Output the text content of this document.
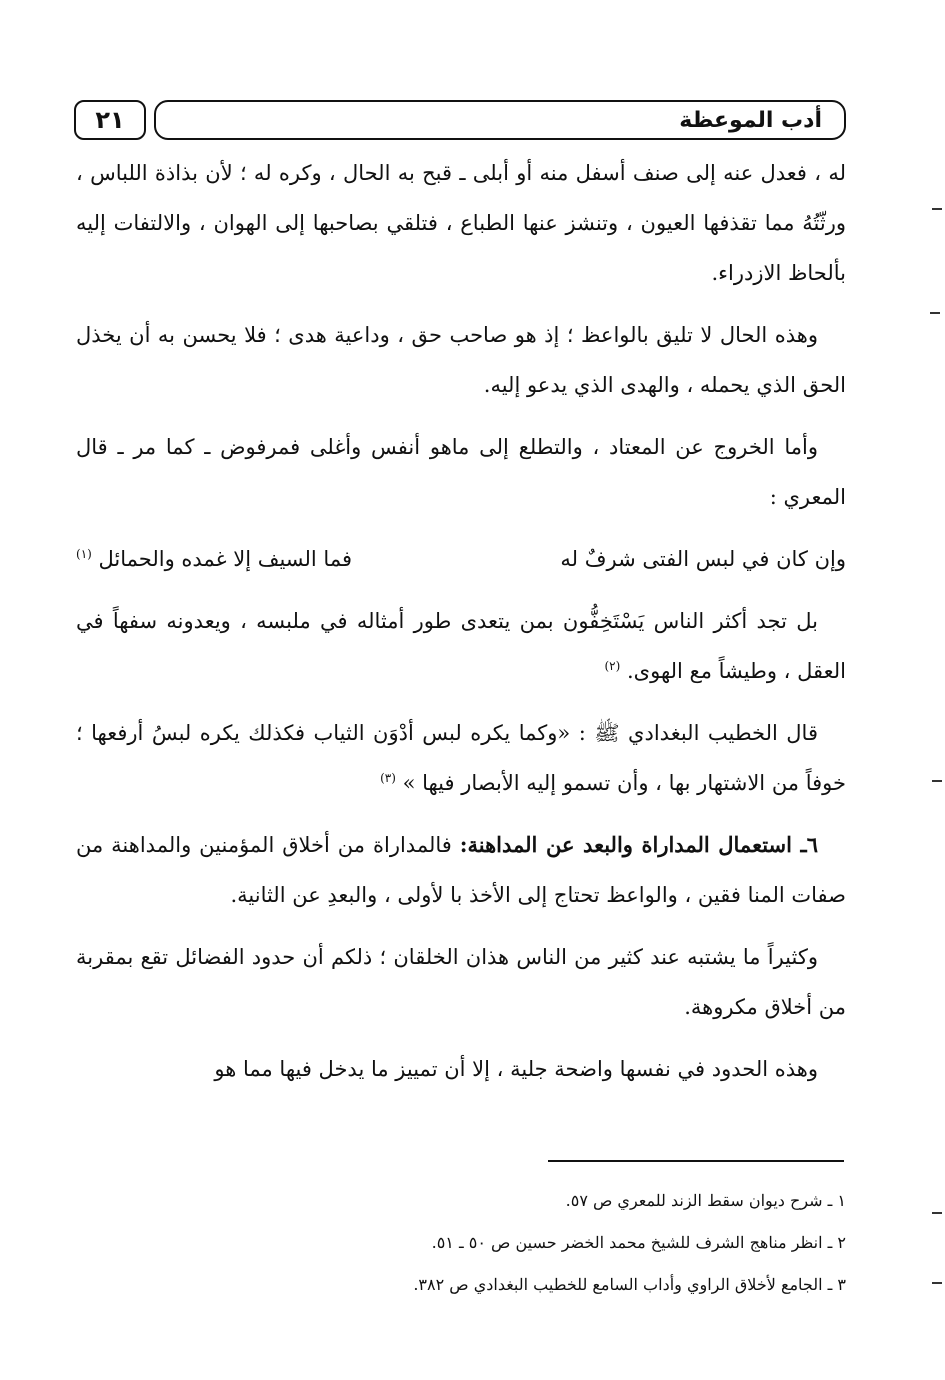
٢١	أدب الموعظة

له ، فعدل عنه إلى صنف أسفل منه أو أبلى ـ قبح به الحال ، وكره له ؛ لأن بذاذة اللباس ، ورثّتُهُ مما تقذفها العيون ، وتنشز عنها الطباع ، فتلقي بصاحبها إلى الهوان ، والالتفات إليه بألحاظ الازدراء.

وهذه الحال لا تليق بالواعظ ؛ إذ هو صاحب حق ، وداعية هدى ؛ فلا يحسن به أن يخذل الحق الذي يحمله ، والهدى الذي يدعو إليه.

وأما الخروج عن المعتاد ، والتطلع إلى ماهو أنفس وأغلى فمرفوض ـ كما مر ـ قال المعري :

وإن كان في لبس الفتى شرفٌ له
فما السيف إلا غمده والحمائل $^{(١)}$

بل تجد أكثر الناس يَسْتَخِفُّون بمن يتعدى طور أمثاله في ملبسه ، ويعدونه سفهاً في العقل ، وطيشاً مع الهوى. $^{(٢)}$

قال الخطيب البغدادي ﷺ : «وكما يكره لبس أدْوَن الثياب فكذلك يكره لبسُ أرفعها ؛ خوفاً من الاشتهار بها ، وأن تسمو إليه الأبصار فيها » $^{(٣)}$

٦ـ استعمال المداراة والبعد عن المداهنة: فالمداراة من أخلاق المؤمنين والمداهنة من صفات المنا فقين ، والواعظ تحتاج إلى الأخذ با لأولى ، والبعدِ عن الثانية.

وكثيراً ما يشتبه عند كثير من الناس هذان الخلقان ؛ ذلكم أن حدود الفضائل تقع بمقربة من أخلاق مكروهة.

وهذه الحدود في نفسها واضحة جلية ، إلا أن تمييز ما يدخل فيها مما هو

١ ـ شرح ديوان سقط الزند للمعري ص ٥٧.
٢ ـ انظر مناهج الشرف للشيخ محمد الخضر حسين ص ٥٠ ـ ٥١.
٣ ـ الجامع لأخلاق الراوي وأداب السامع للخطيب البغدادي ص ٣٨٢.
